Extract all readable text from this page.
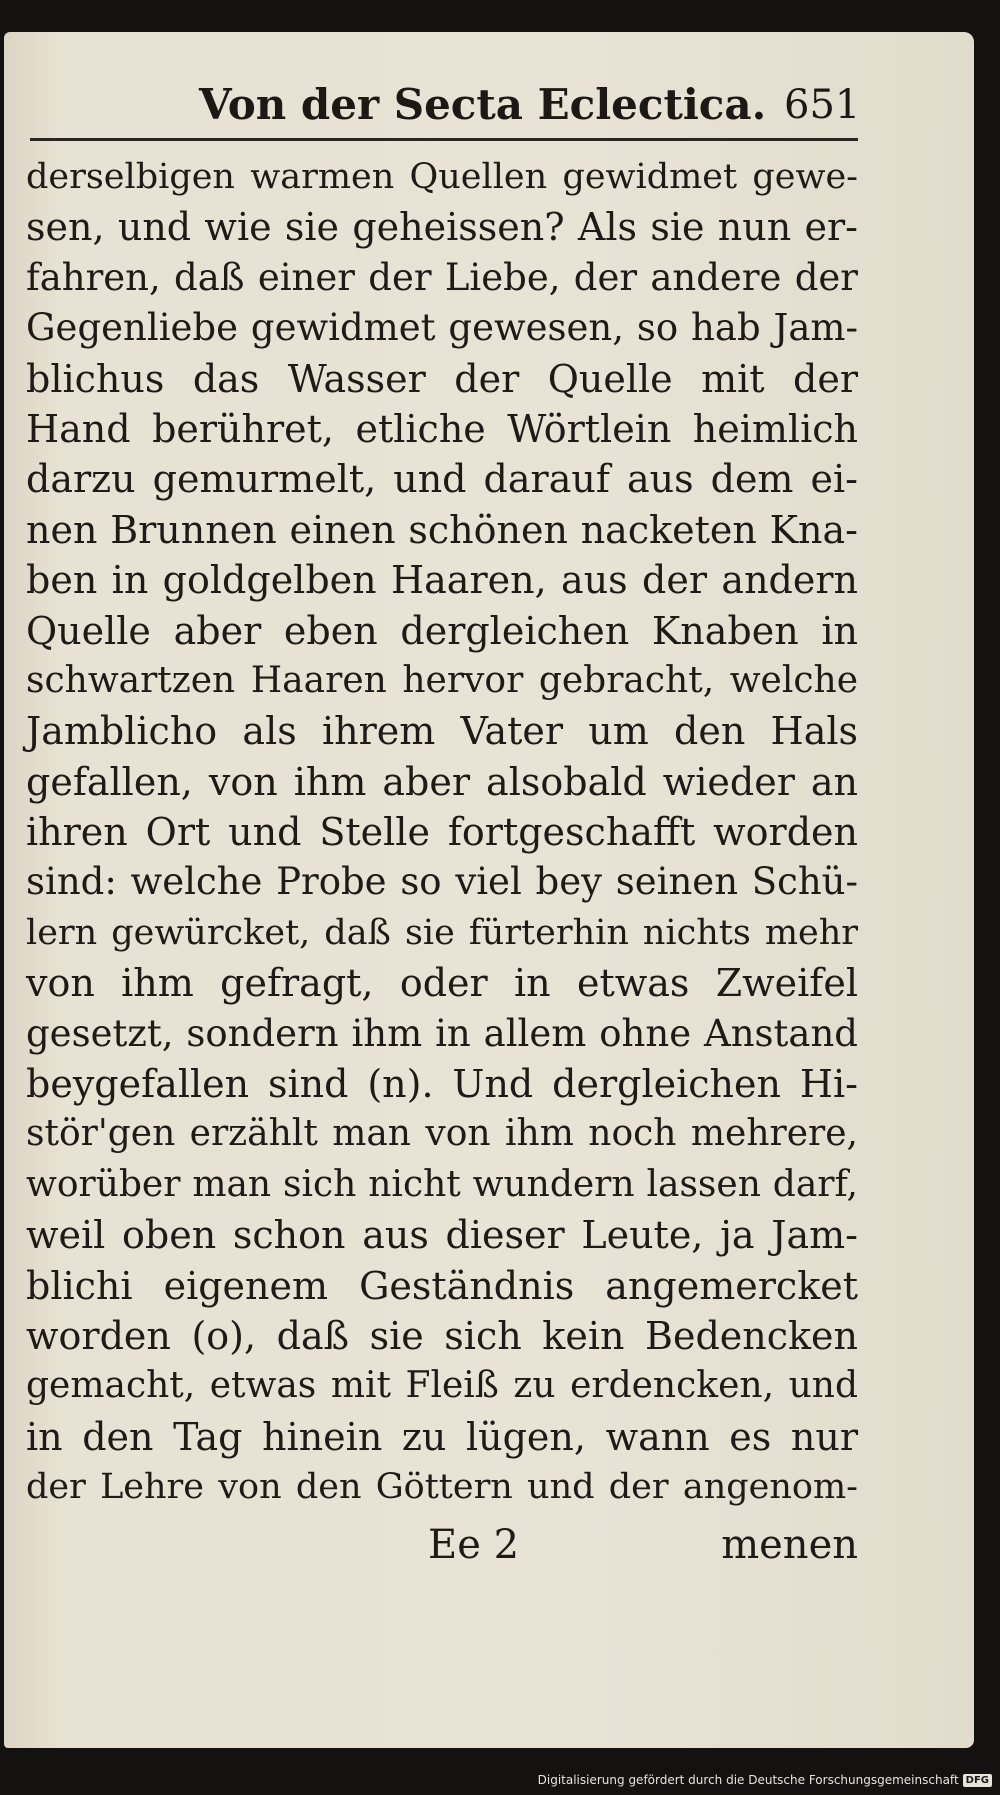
Von der Secta Eclectica. 651
derselbigen warmen Quellen gewidmet gewe-
sen, und wie sie geheissen? Als sie nun er-
fahren, daß einer der Liebe, der andere der
Gegenliebe gewidmet gewesen, so hab Jam-
blichus das Wasser der Quelle mit der
Hand berühret, etliche Wörtlein heimlich
darzu gemurmelt, und darauf aus dem ei-
nen Brunnen einen schönen nacketen Kna-
ben in goldgelben Haaren, aus der andern
Quelle aber eben dergleichen Knaben in
schwartzen Haaren hervor gebracht, welche
Jamblicho als ihrem Vater um den Hals
gefallen, von ihm aber alsobald wieder an
ihren Ort und Stelle fortgeschafft worden
sind: welche Probe so viel bey seinen Schü-
lern gewürcket, daß sie fürterhin nichts mehr
von ihm gefragt, oder in etwas Zweifel
gesetzt, sondern ihm in allem ohne Anstand
beygefallen sind (n). Und dergleichen Hi-
stör'gen erzählt man von ihm noch mehrere,
worüber man sich nicht wundern lassen darf,
weil oben schon aus dieser Leute, ja Jam-
blichi eigenem Geständnis angemercket
worden (o), daß sie sich kein Bedencken
gemacht, etwas mit Fleiß zu erdencken, und
in den Tag hinein zu lügen, wann es nur
der Lehre von den Göttern und der angenom-
Ee 2	menen
Digitalisierung gefördert durch die Deutsche Forschungsgemeinschaft DFG
